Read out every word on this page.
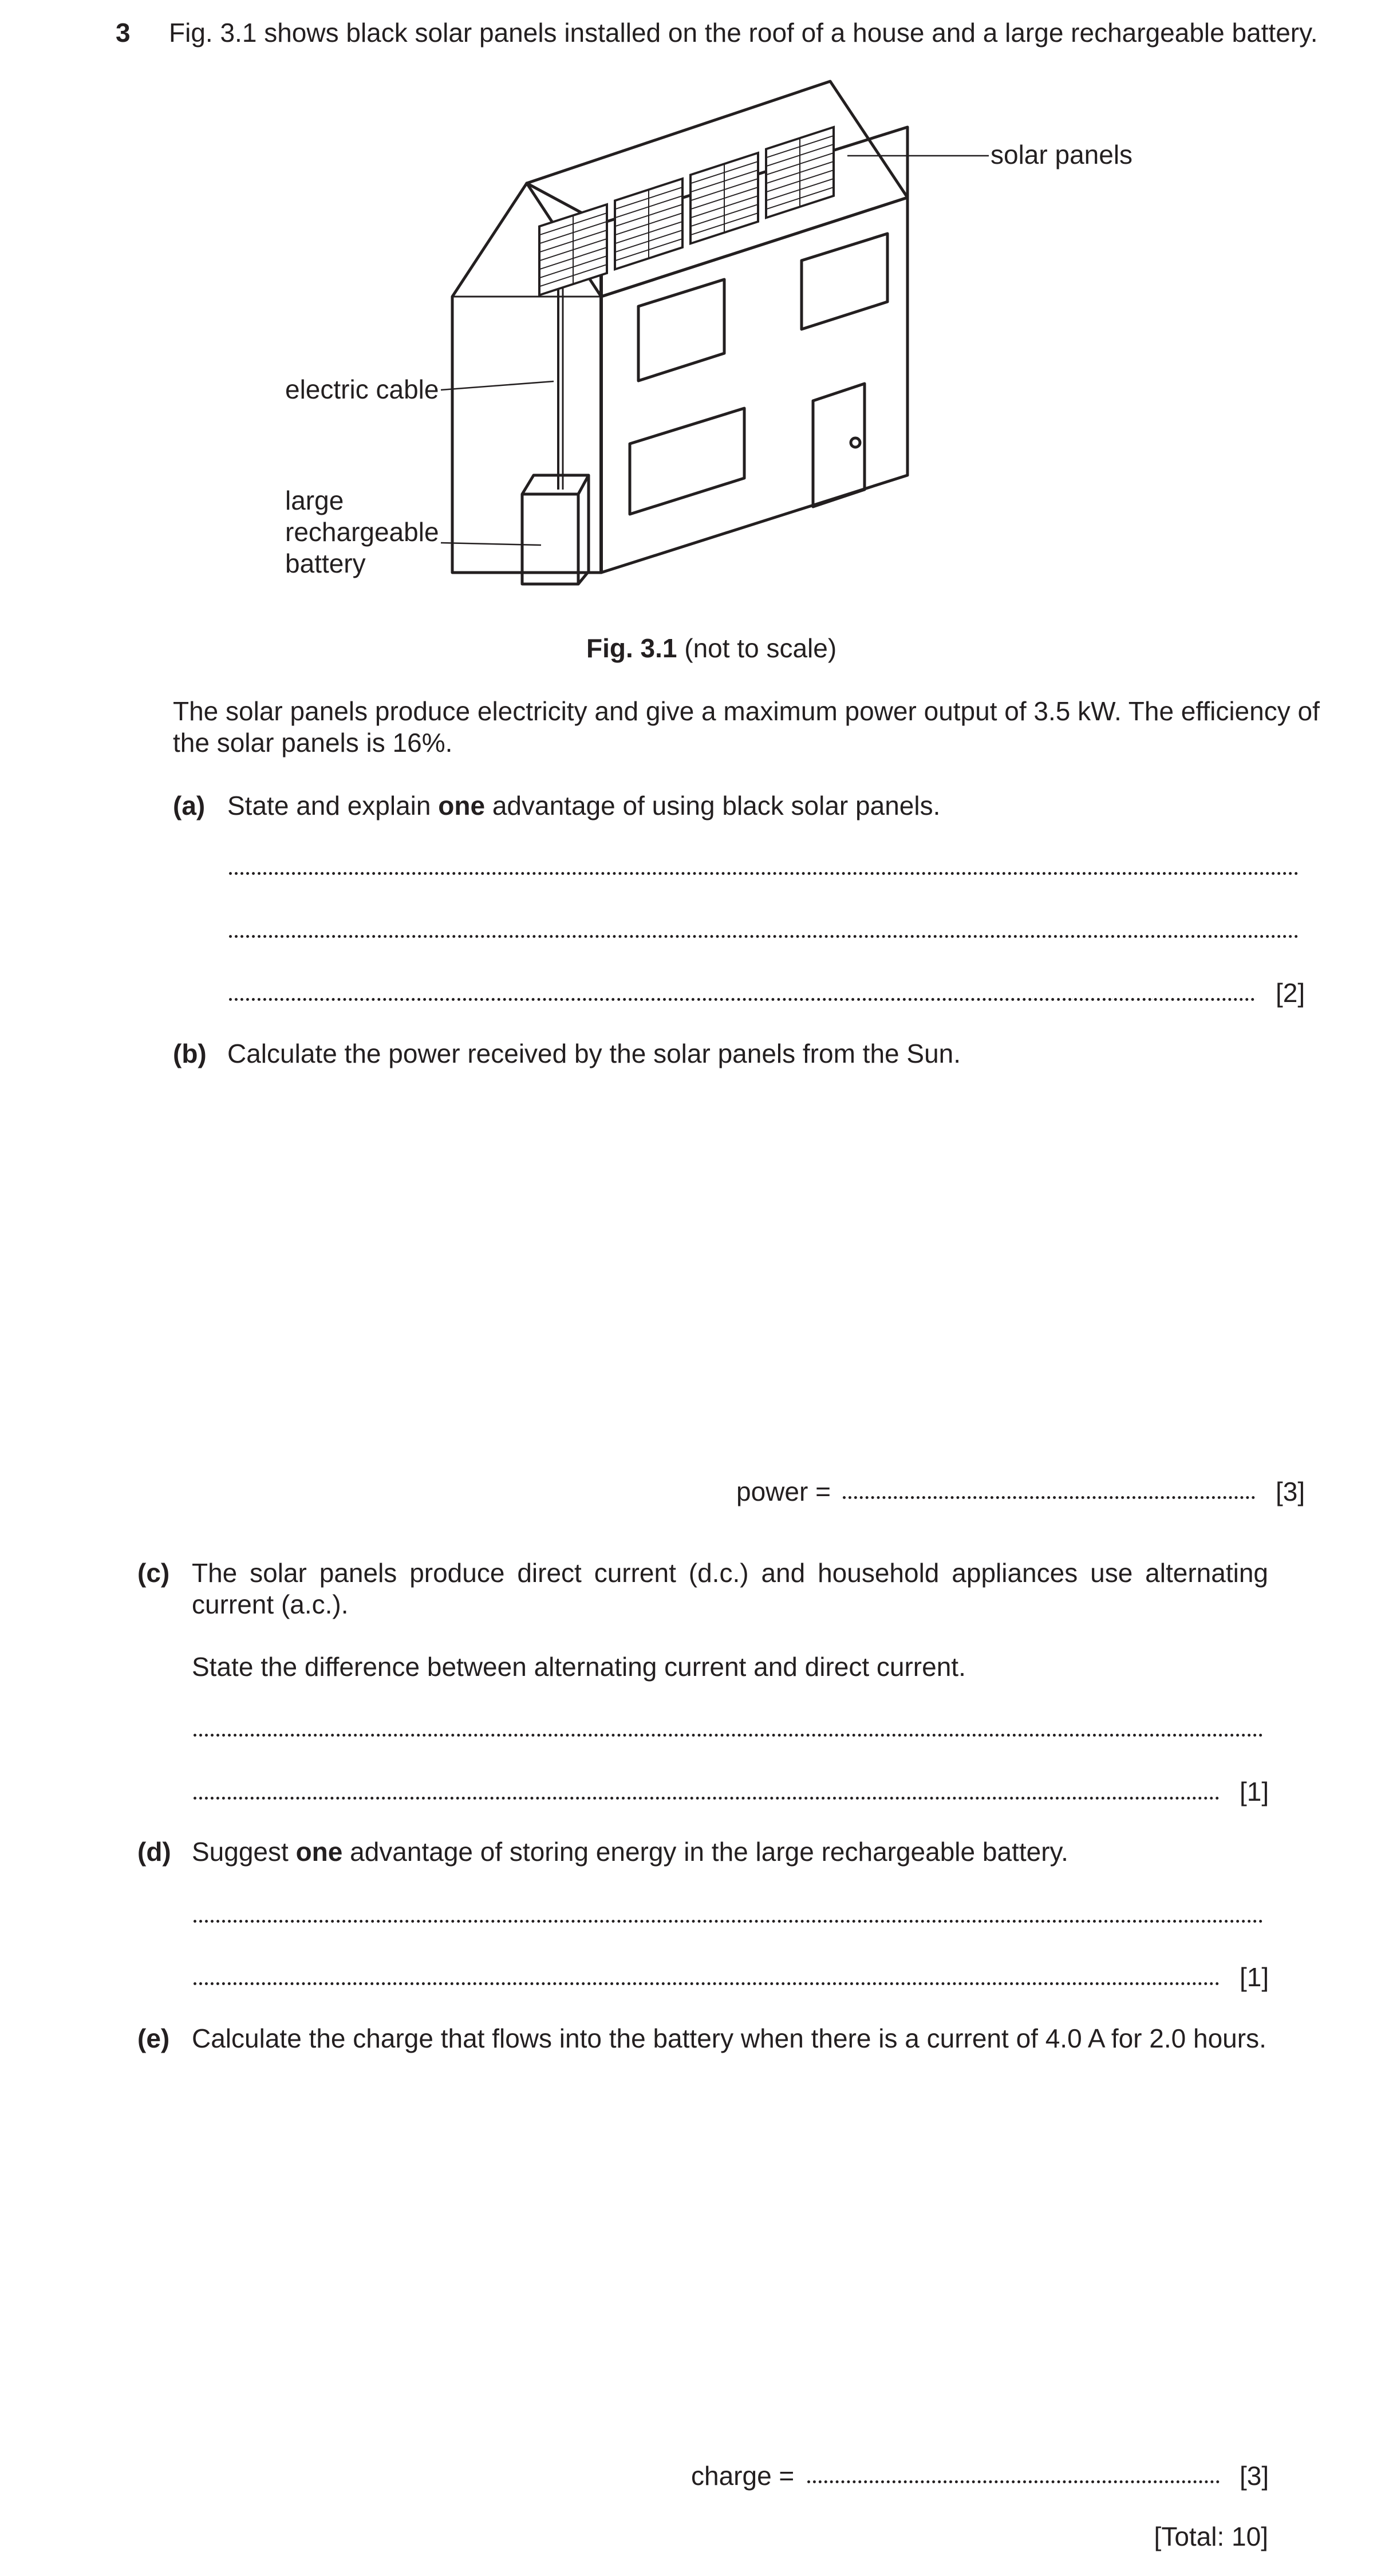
3 Fig. 3.1 shows black solar panels installed on the roof of a house and a large rechargeable battery.
solar panels
electric cable
large
rechargeable
battery
Fig. 3.1 (not to scale)
The solar panels produce electricity and give a maximum power output of 3.5 kW. The efficiency of
the solar panels is 16%.
(a) State and explain one advantage of using black solar panels.
[2]
(b) Calculate the power received by the solar panels from the Sun.
power =	[3]
(c) The solar panels produce direct current (d.c.) and household appliances use alternating
current (a.c.).
State the difference between alternating current and direct current.
[1]
(d) Suggest one advantage of storing energy in the large rechargeable battery.
[1]
(e) Calculate the charge that flows into the battery when there is a current of 4.0 A for 2.0 hours.
charge =	[3]
[Total: 10]
